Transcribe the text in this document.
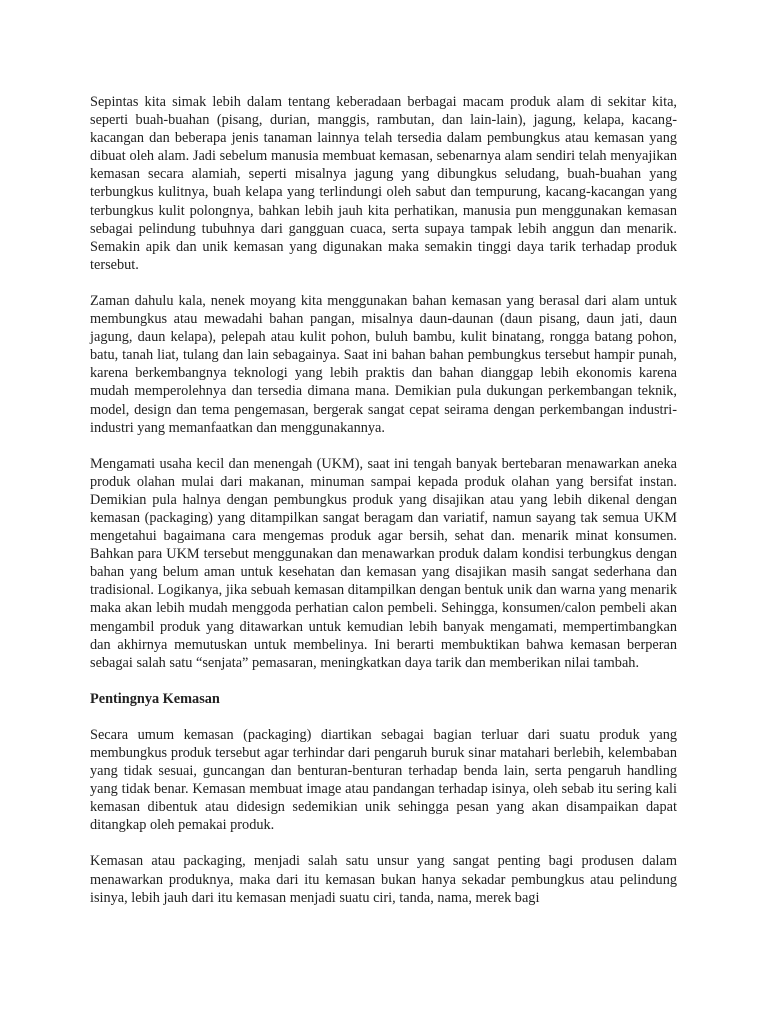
Sepintas kita simak lebih dalam tentang keberadaan berbagai macam produk alam di sekitar kita, seperti buah-buahan (pisang, durian, manggis, rambutan, dan lain-lain), jagung, kelapa, kacang-kacangan dan beberapa jenis tanaman lainnya telah tersedia dalam pembungkus atau kemasan yang dibuat oleh alam. Jadi sebelum manusia membuat kemasan, sebenarnya alam sendiri telah menyajikan kemasan secara alamiah, seperti misalnya jagung yang dibungkus seludang, buah-buahan yang terbungkus kulitnya, buah kelapa yang terlindungi oleh sabut dan tempurung, kacang-kacangan yang terbungkus kulit polongnya, bahkan lebih jauh kita perhatikan, manusia pun menggunakan kemasan sebagai pelindung tubuhnya dari gangguan cuaca, serta supaya tampak lebih anggun dan menarik. Semakin apik dan unik kemasan yang digunakan maka semakin tinggi daya tarik terhadap produk tersebut.

Zaman dahulu kala, nenek moyang kita menggunakan bahan kemasan yang berasal dari alam untuk membungkus atau mewadahi bahan pangan, misalnya daun-daunan (daun pisang, daun jati, daun jagung, daun kelapa), pelepah atau kulit pohon, buluh bambu, kulit binatang, rongga batang pohon, batu, tanah liat, tulang dan lain sebagainya. Saat ini bahan bahan pembungkus tersebut hampir punah, karena berkembangnya teknologi yang lebih praktis dan bahan dianggap lebih ekonomis karena mudah memperolehnya dan tersedia dimana mana. Demikian pula dukungan perkembangan teknik, model, design dan tema pengemasan, bergerak sangat cepat seirama dengan perkembangan industri-industri yang memanfaatkan dan menggunakannya.

Mengamati usaha kecil dan menengah (UKM), saat ini tengah banyak bertebaran menawarkan aneka produk olahan mulai dari makanan, minuman sampai kepada produk olahan yang bersifat instan. Demikian pula halnya dengan pembungkus produk yang disajikan atau yang lebih dikenal dengan kemasan (packaging) yang ditampilkan sangat beragam dan variatif, namun sayang tak semua UKM mengetahui bagaimana cara mengemas produk agar bersih, sehat dan. menarik minat konsumen. Bahkan para UKM tersebut menggunakan dan menawarkan produk dalam kondisi terbungkus dengan bahan yang belum aman untuk kesehatan dan kemasan yang disajikan masih sangat sederhana dan tradisional. Logikanya, jika sebuah kemasan ditampilkan dengan bentuk unik dan warna yang menarik maka akan lebih mudah menggoda perhatian calon pembeli. Sehingga, konsumen/calon pembeli akan mengambil produk yang ditawarkan untuk kemudian lebih banyak mengamati, mempertimbangkan dan akhirnya memutuskan untuk membelinya. Ini berarti membuktikan bahwa kemasan berperan sebagai salah satu “senjata” pemasaran, meningkatkan daya tarik dan memberikan nilai tambah.

Pentingnya Kemasan

Secara umum kemasan (packaging) diartikan sebagai bagian terluar dari suatu produk yang membungkus produk tersebut agar terhindar dari pengaruh buruk sinar matahari berlebih, kelembaban yang tidak sesuai, guncangan dan benturan-benturan terhadap benda lain, serta pengaruh handling yang tidak benar. Kemasan membuat image atau pandangan terhadap isinya, oleh sebab itu sering kali kemasan dibentuk atau didesign sedemikian unik sehingga pesan yang akan disampaikan dapat ditangkap oleh pemakai produk.

Kemasan atau packaging, menjadi salah satu unsur yang sangat penting bagi produsen dalam menawarkan produknya, maka dari itu kemasan bukan hanya sekadar pembungkus atau pelindung isinya, lebih jauh dari itu kemasan menjadi suatu ciri, tanda, nama, merek bagi
